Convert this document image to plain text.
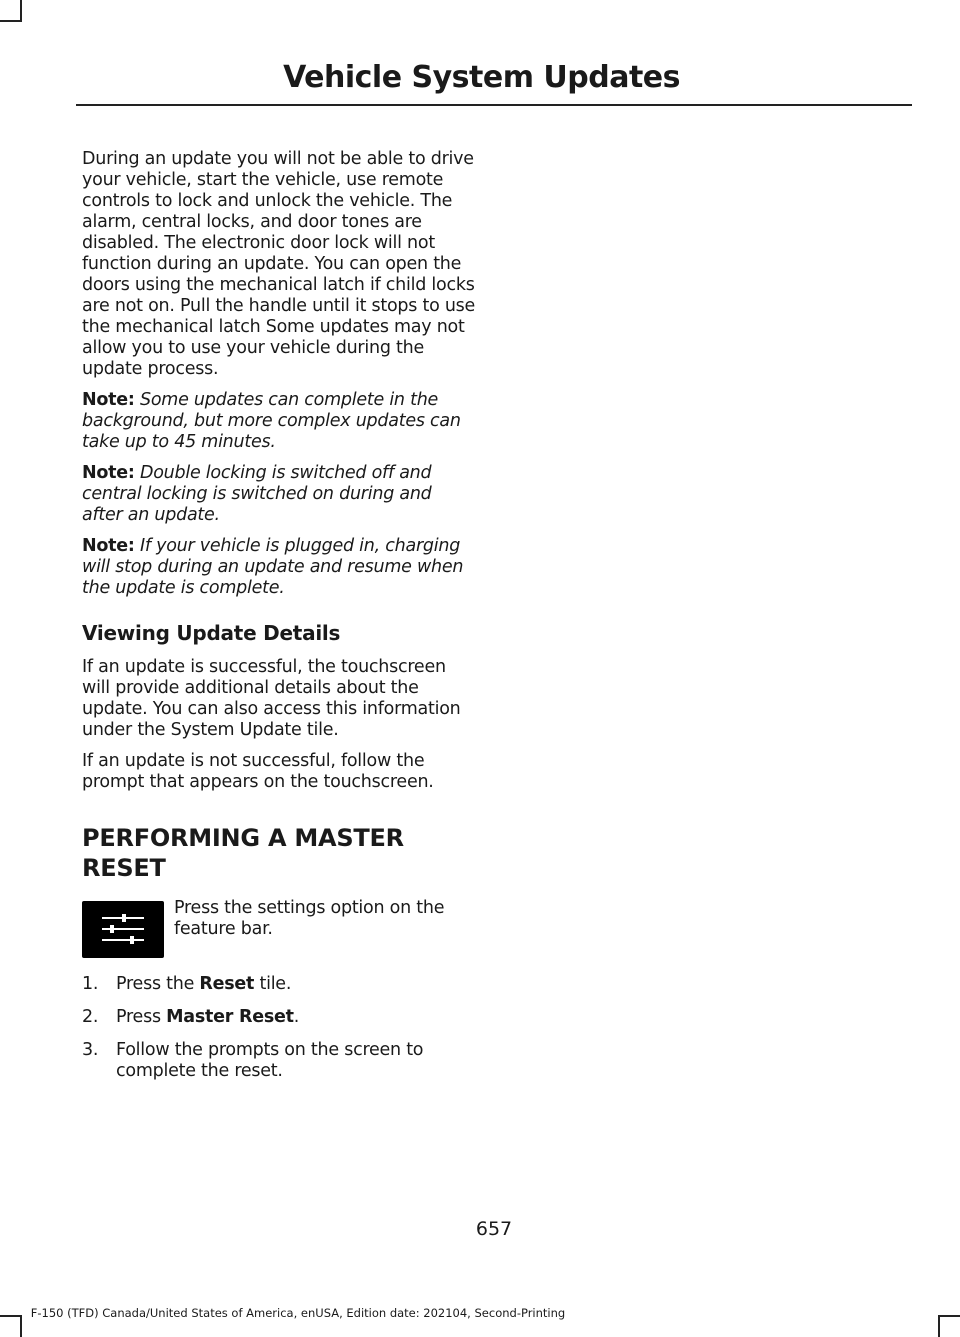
Vehicle System Updates

During an update you will not be able to drive your vehicle, start the vehicle, use remote controls to lock and unlock the vehicle. The alarm, central locks, and door tones are disabled. The electronic door lock will not function during an update. You can open the doors using the mechanical latch if child locks are not on. Pull the handle until it stops to use the mechanical latch Some updates may not allow you to use your vehicle during the update process.

Note: Some updates can complete in the background, but more complex updates can take up to 45 minutes.

Note: Double locking is switched off and central locking is switched on during and after an update.

Note: If your vehicle is plugged in, charging will stop during an update and resume when the update is complete.

Viewing Update Details

If an update is successful, the touchscreen will provide additional details about the update. You can also access this information under the System Update tile.

If an update is not successful, follow the prompt that appears on the touchscreen.

PERFORMING A MASTER
RESET
Press the settings option on the feature bar.
1.	Press the Reset tile.
2.	Press Master Reset.
3.	Follow the prompts on the screen to complete the reset.
657
F-150 (TFD) Canada/United States of America, enUSA, Edition date: 202104, Second-Printing
